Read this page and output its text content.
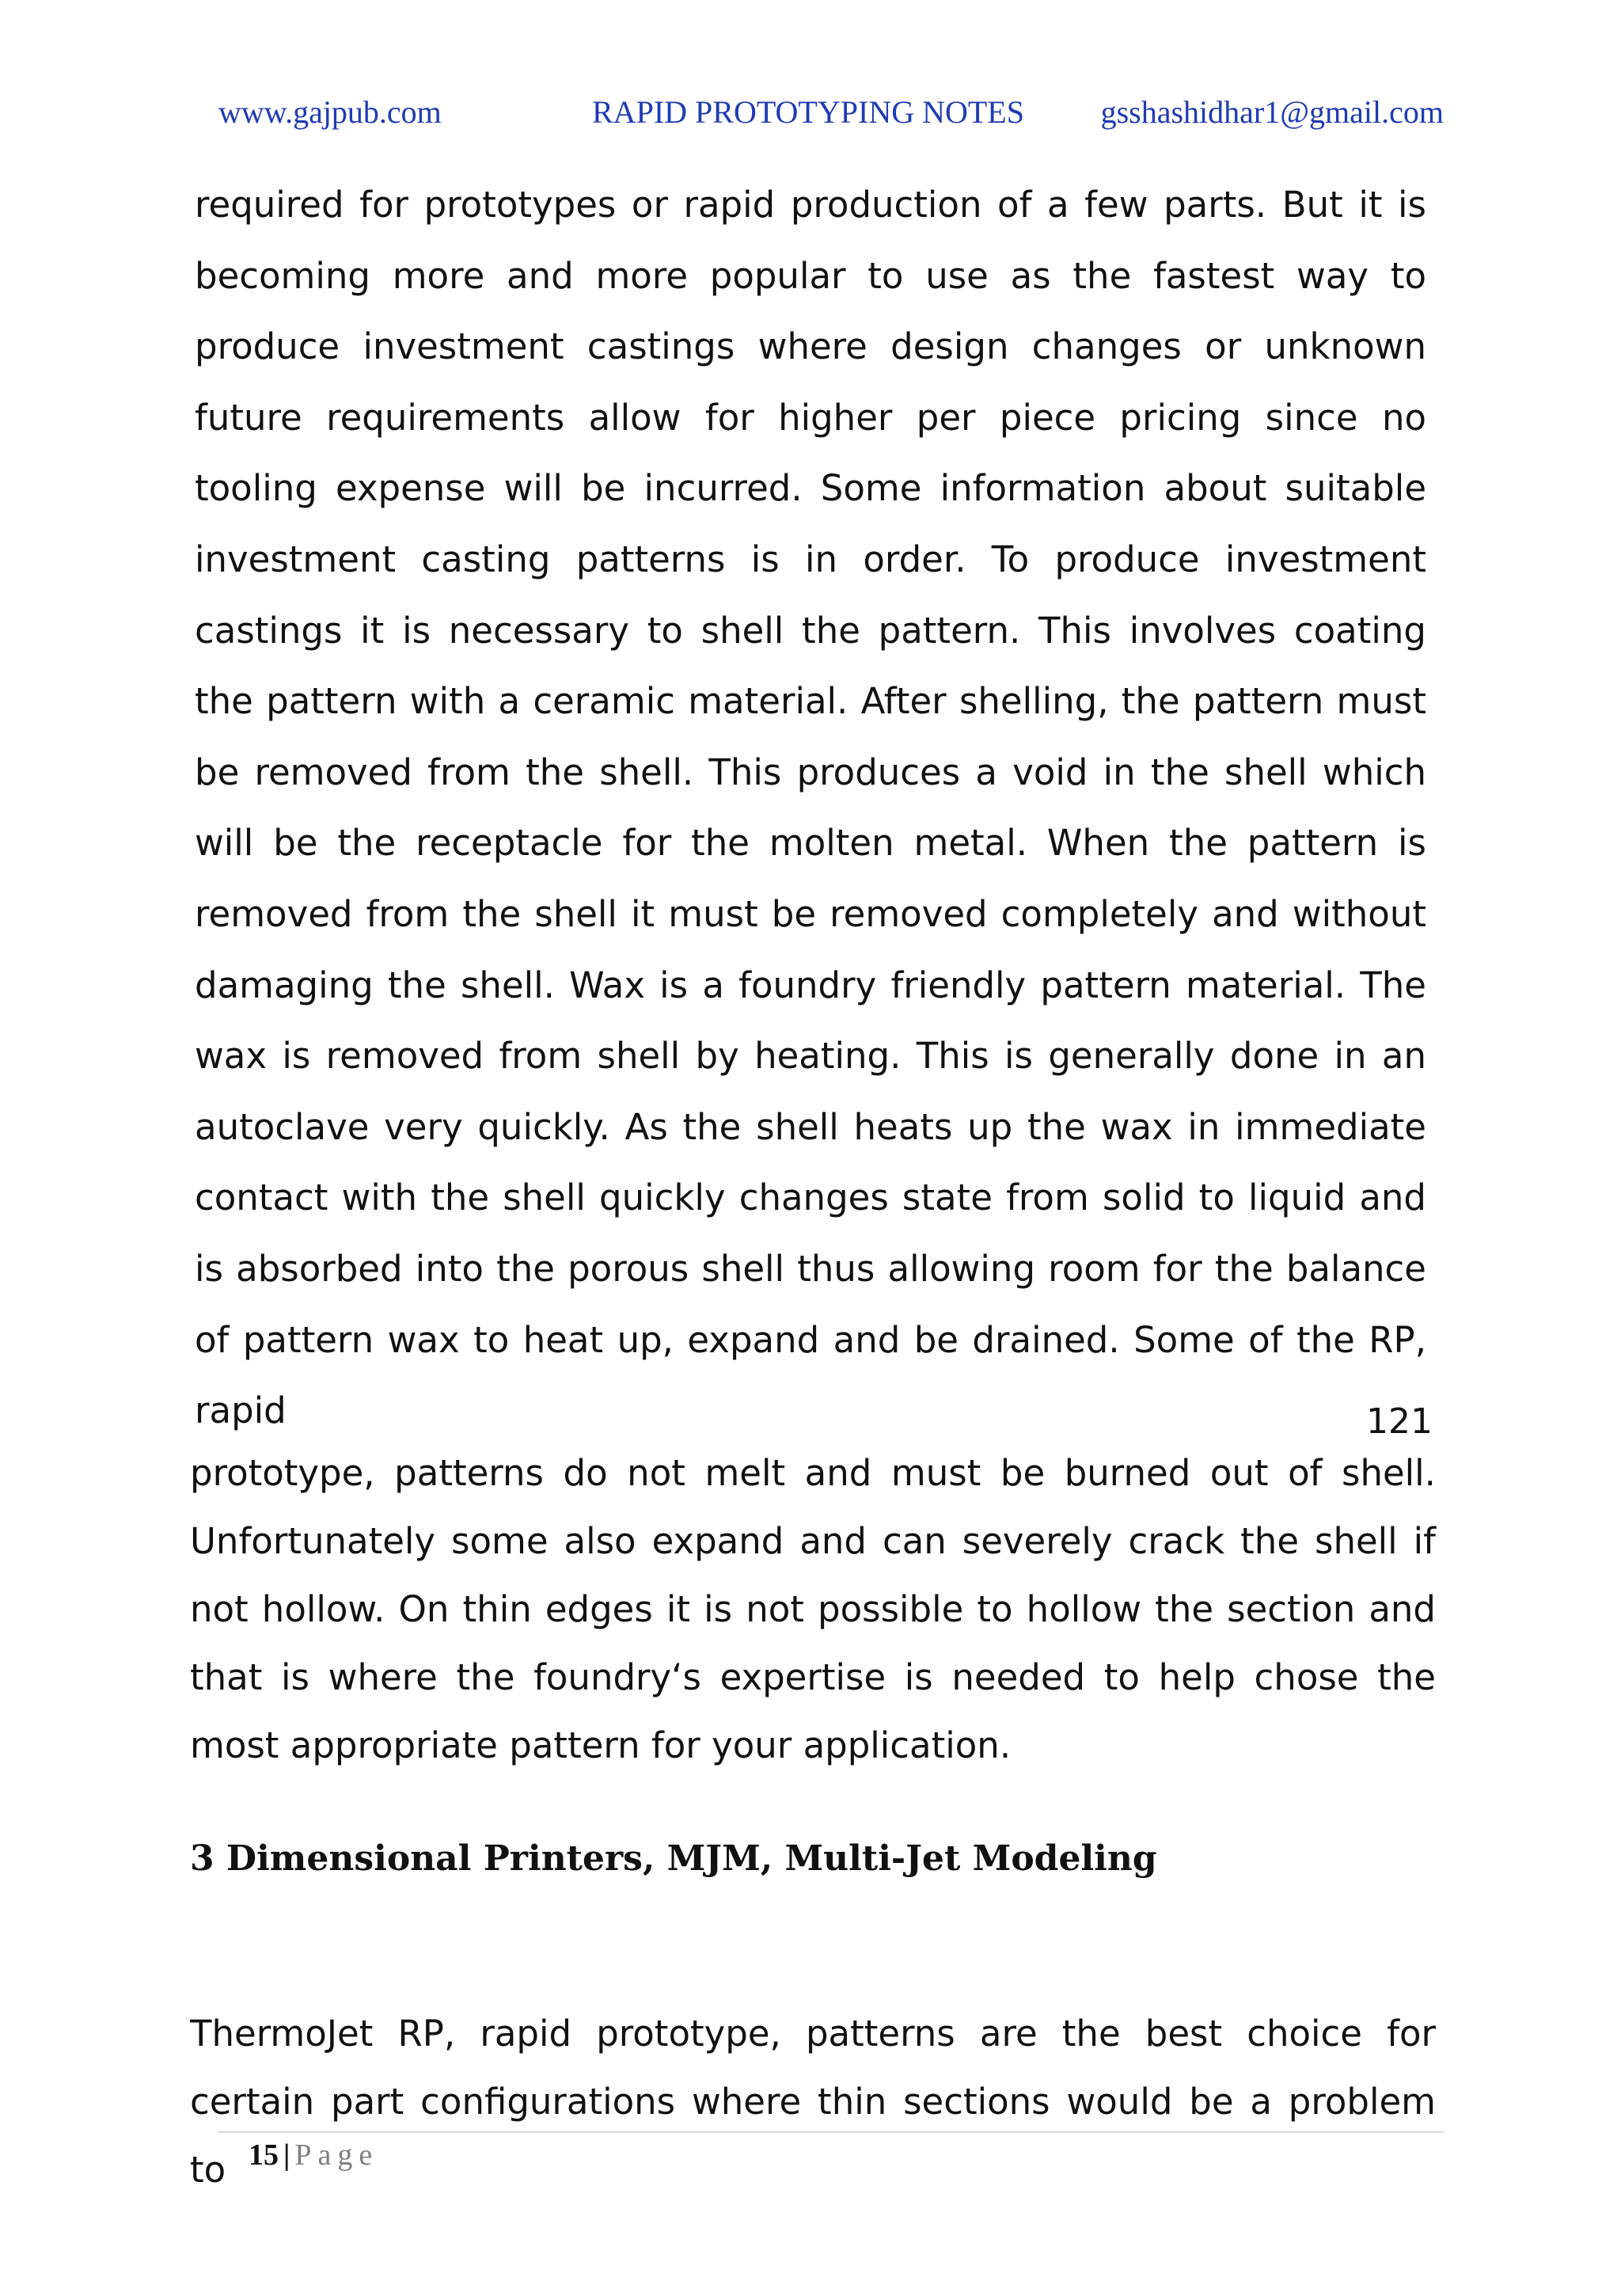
www.gajpub.com	RAPID PROTOTYPING NOTES gsshashidhar1@gmail.com

required for prototypes or rapid production of a few parts. But it is becoming more and more popular to use as the fastest way to produce investment castings where design changes or unknown future requirements allow for higher per piece pricing since no tooling expense will be incurred. Some information about suitable investment casting patterns is in order. To produce investment castings it is necessary to shell the pattern. This involves coating the pattern with a ceramic material. After shelling, the pattern must be removed from the shell. This produces a void in the shell which will be the receptacle for the molten metal. When the pattern is removed from the shell it must be removed completely and without damaging the shell. Wax is a foundry friendly pattern material. The wax is removed from shell by heating. This is generally done in an autoclave very quickly. As the shell heats up the wax in immediate contact with the shell quickly changes state from solid to liquid and is absorbed into the porous shell thus allowing room for the balance of pattern wax to heat up, expand and be drained. Some of the RP, rapid	121

prototype, patterns do not melt and must be burned out of shell. Unfortunately some also expand and can severely crack the shell if not hollow. On thin edges it is not possible to hollow the section and that is where the foundry‘s expertise is needed to help chose the most appropriate pattern for your application.

3 Dimensional Printers, MJM, Multi-Jet Modeling

ThermoJet RP, rapid prototype, patterns are the best choice for certain part configurations where thin sections would be a problem to 15 | Page
